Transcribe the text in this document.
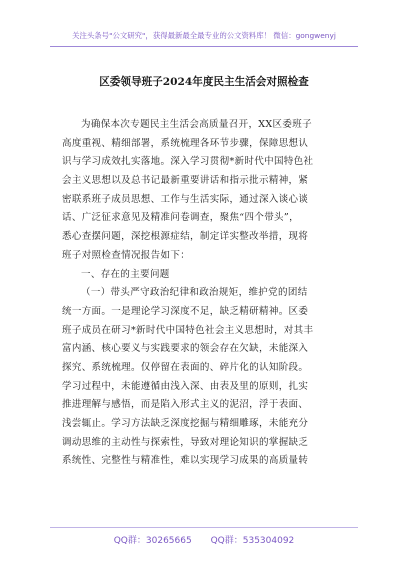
关注头条号"公文研究"，获得最新最全最专业的公文资料库！ 微信：gongwenyj
区委领导班子2024年度民主生活会对照检查
为确保本次专题民主生活会高质量召开，XX区委班子
高度重视、精细部署，系统梳理各环节步骤，保障思想认
识与学习成效扎实落地。深入学习贯彻*新时代中国特色社
会主义思想以及总书记最新重要讲话和指示批示精神，紧
密联系班子成员思想、工作与生活实际，通过深入谈心谈
话、广泛征求意见及精准问卷调查，聚焦“四个带头”，
悉心查摆问题，深挖根源症结，制定详实整改举措，现将
班子对照检查情况报告如下：
一、存在的主要问题
（一）带头严守政治纪律和政治规矩，维护党的团结
统一方面。一是理论学习深度不足，缺乏精研精神。区委
班子成员在研习*新时代中国特色社会主义思想时，对其丰
富内涵、核心要义与实践要求的领会存在欠缺，未能深入
探究、系统梳理。仅停留在表面的、碎片化的认知阶段。
学习过程中，未能遵循由浅入深、由表及里的原则，扎实
推进理解与感悟，而是陷入形式主义的泥沼，浮于表面、
浅尝辄止。学习方法缺乏深度挖掘与精细雕琢，未能充分
调动思维的主动性与探索性，导致对理论知识的掌握缺乏
系统性、完整性与精准性，难以实现学习成果的高质量转
QQ群：30265665 QQ群：535304092
